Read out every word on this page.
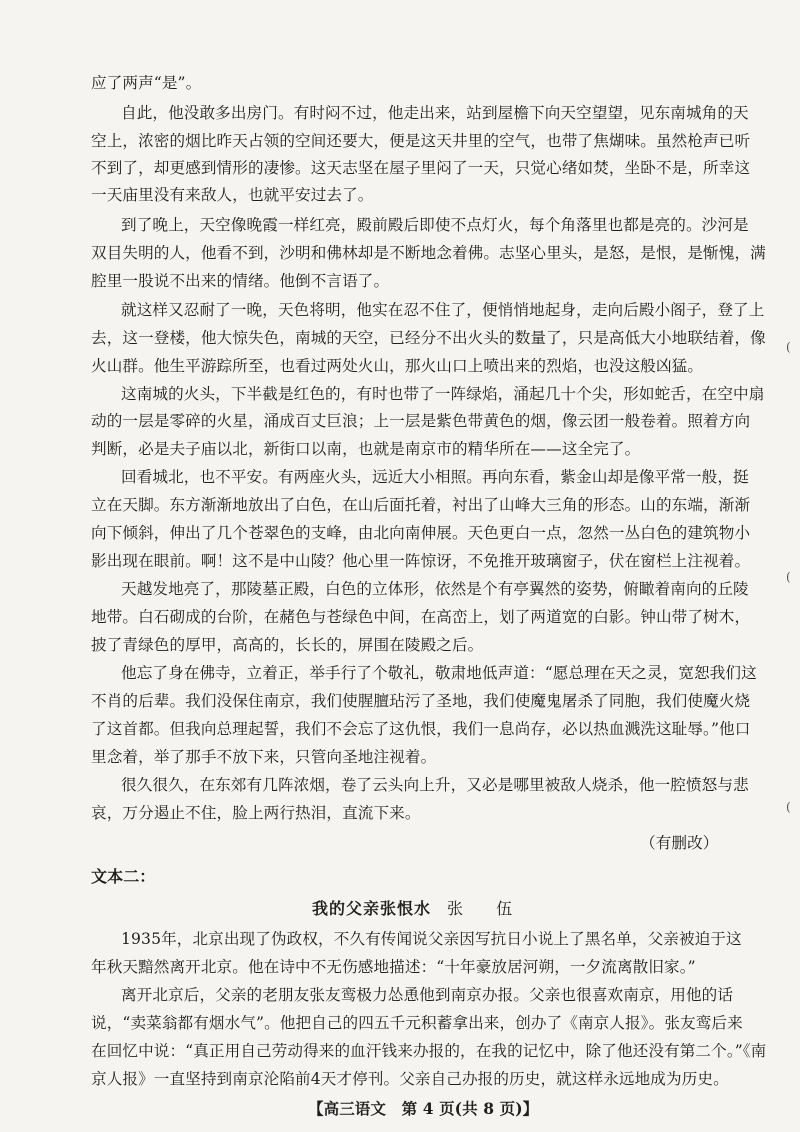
应了两声“是”。
自此，他没敢多出房门。有时闷不过，他走出来，站到屋檐下向天空望望，见东南城角的天
空上，浓密的烟比昨天占领的空间还要大，便是这天井里的空气，也带了焦煳味。虽然枪声已听
不到了，却更感到情形的凄惨。这天志坚在屋子里闷了一天，只觉心绪如焚，坐卧不是，所幸这
一天庙里没有来敌人，也就平安过去了。
到了晚上，天空像晚霞一样红亮，殿前殿后即使不点灯火，每个角落里也都是亮的。沙河是
双目失明的人，他看不到，沙明和佛林却是不断地念着佛。志坚心里头，是怒，是恨，是惭愧，满
腔里一股说不出来的情绪。他倒不言语了。
就这样又忍耐了一晚，天色将明，他实在忍不住了，便悄悄地起身，走向后殿小阁子，登了上
去，这一登楼，他大惊失色，南城的天空，已经分不出火头的数量了，只是高低大小地联结着，像
火山群。他生平游踪所至，也看过两处火山，那火山口上喷出来的烈焰，也没这般凶猛。
这南城的火头，下半截是红色的，有时也带了一阵绿焰，涌起几十个尖，形如蛇舌，在空中扇
动的一层是零碎的火星，涌成百丈巨浪；上一层是紫色带黄色的烟，像云团一般卷着。照着方向
判断，必是夫子庙以北，新街口以南，也就是南京市的精华所在——这全完了。
回看城北，也不平安。有两座火头，远近大小相照。再向东看，紫金山却是像平常一般，挺
立在天脚。东方渐渐地放出了白色，在山后面托着，衬出了山峰大三角的形态。山的东端，渐渐
向下倾斜，伸出了几个苍翠色的支峰，由北向南伸展。天色更白一点，忽然一丛白色的建筑物小
影出现在眼前。啊！这不是中山陵？他心里一阵惊讶，不免推开玻璃窗子，伏在窗栏上注视着。
天越发地亮了，那陵墓正殿，白色的立体形，依然是个有亭翼然的姿势，俯瞰着南向的丘陵
地带。白石砌成的台阶，在赭色与苍绿色中间，在高峦上，划了两道宽的白影。钟山带了树木，
披了青绿色的厚甲，高高的，长长的，屏围在陵殿之后。
他忘了身在佛寺，立着正，举手行了个敬礼，敬肃地低声道：“愿总理在天之灵，宽恕我们这
不肖的后辈。我们没保住南京，我们使腥膻玷污了圣地，我们使魔鬼屠杀了同胞，我们使魔火烧
了这首都。但我向总理起誓，我们不会忘了这仇恨，我们一息尚存，必以热血溅洗这耻辱。”他口
里念着，举了那手不放下来，只管向圣地注视着。
很久很久，在东郊有几阵浓烟，卷了云头向上升，又必是哪里被敌人烧杀，他一腔愤怒与悲
哀，万分遏止不住，脸上两行热泪，直流下来。
（有删改）
文本二：
我的父亲张恨水 张 伍
1935年，北京出现了伪政权，不久有传闻说父亲因写抗日小说上了黑名单，父亲被迫于这
年秋天黯然离开北京。他在诗中不无伤感地描述：“十年豪放居河朔，一夕流离散旧家。”
离开北京后，父亲的老朋友张友鸾极力怂恿他到南京办报。父亲也很喜欢南京，用他的话
说，“卖菜翁都有烟水气”。他把自己的四五千元积蓄拿出来，创办了《南京人报》。张友鸾后来
在回忆中说：“真正用自己劳动得来的血汗钱来办报的，在我的记忆中，除了他还没有第二个。”《南
京人报》一直坚持到南京沦陷前4天才停刊。父亲自己办报的历史，就这样永远地成为历史。
【高三语文　第 4 页(共 8 页)】
(
(
(
